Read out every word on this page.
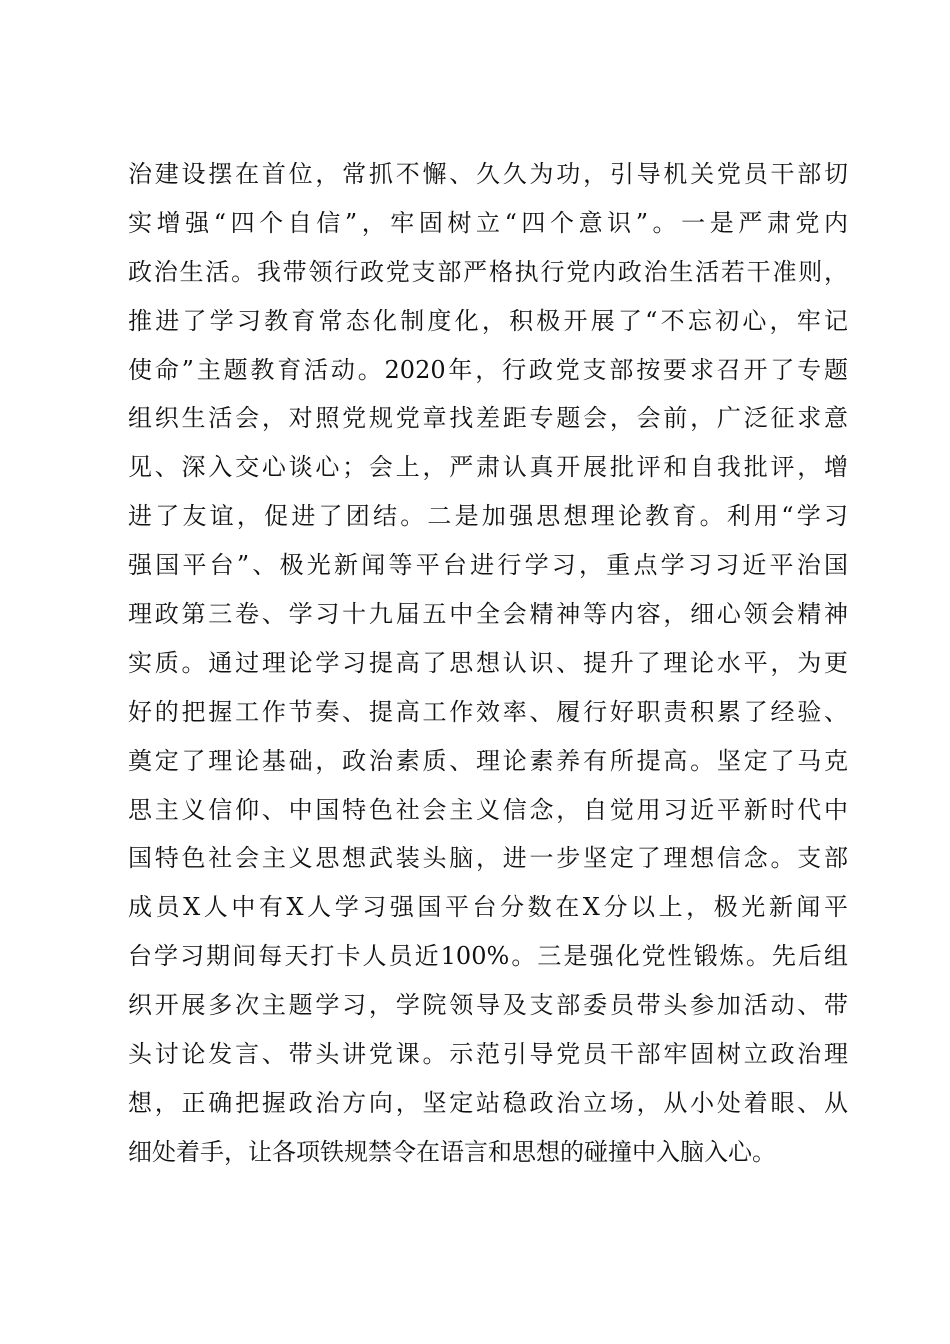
治建设摆在首位，常抓不懈、久久为功，引导机关党员干部切
实增强“四个自信”，牢固树立“四个意识”。一是严肃党内
政治生活。我带领行政党支部严格执行党内政治生活若干准则，
推进了学习教育常态化制度化，积极开展了“不忘初心，牢记
使命”主题教育活动。2020年，行政党支部按要求召开了专题
组织生活会，对照党规党章找差距专题会，会前，广泛征求意
见、深入交心谈心；会上，严肃认真开展批评和自我批评，增
进了友谊，促进了团结。二是加强思想理论教育。利用“学习
强国平台”、极光新闻等平台进行学习，重点学习习近平治国
理政第三卷、学习十九届五中全会精神等内容，细心领会精神
实质。通过理论学习提高了思想认识、提升了理论水平，为更
好的把握工作节奏、提高工作效率、履行好职责积累了经验、
奠定了理论基础，政治素质、理论素养有所提高。坚定了马克
思主义信仰、中国特色社会主义信念，自觉用习近平新时代中
国特色社会主义思想武装头脑，进一步坚定了理想信念。支部
成员X人中有X人学习强国平台分数在X分以上，极光新闻平
台学习期间每天打卡人员近100%。三是强化党性锻炼。先后组
织开展多次主题学习，学院领导及支部委员带头参加活动、带
头讨论发言、带头讲党课。示范引导党员干部牢固树立政治理
想，正确把握政治方向，坚定站稳政治立场，从小处着眼、从
细处着手，让各项铁规禁令在语言和思想的碰撞中入脑入心。
